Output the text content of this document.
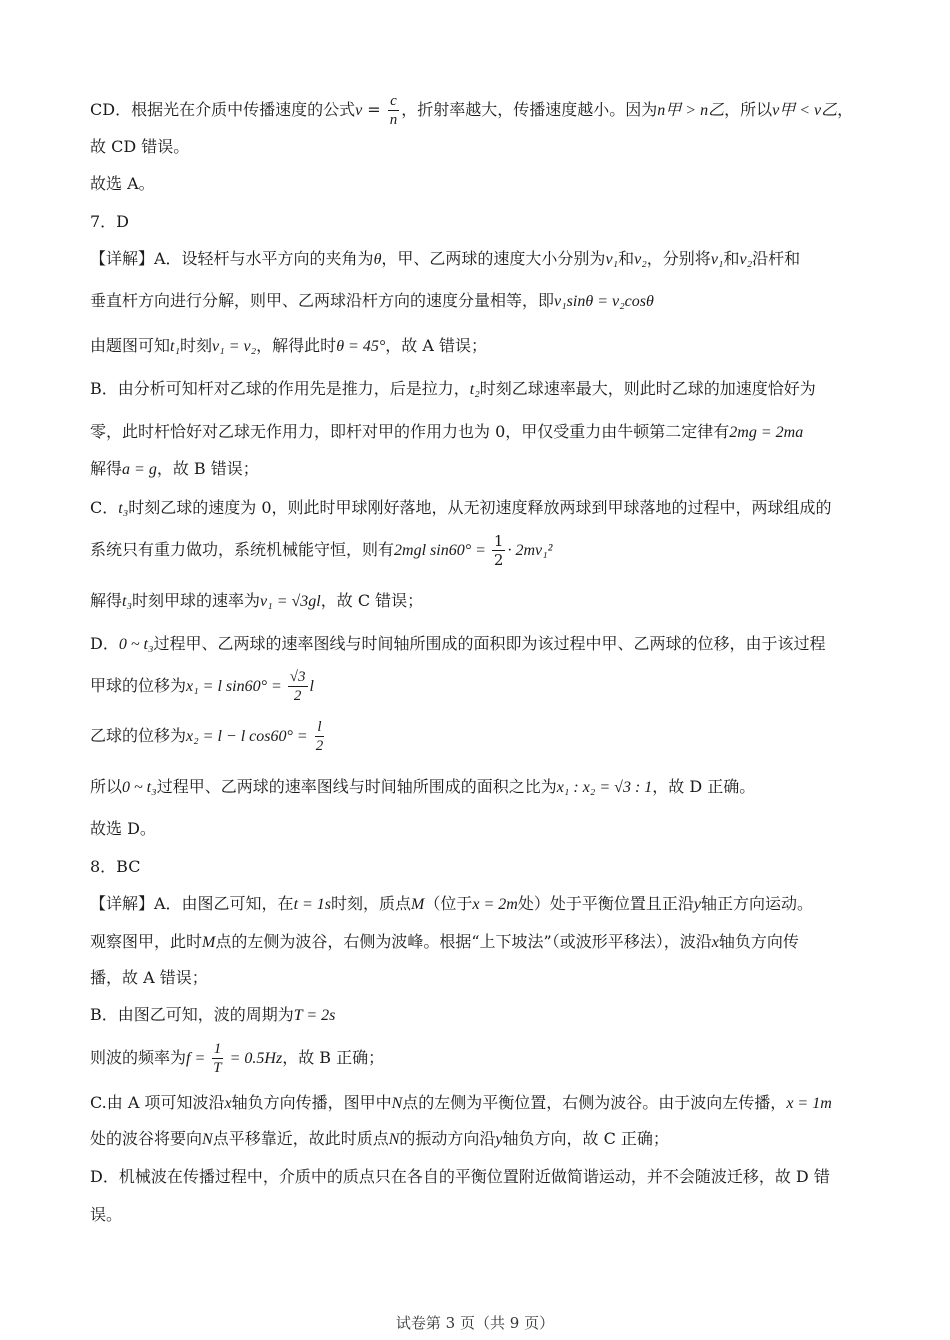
CD．根据光在介质中传播速度的公式$v = \frac{c}{n}$ ，折射率越大，传播速度越小。因为n甲 > n乙，所以v甲 < v乙，
故 CD 错误。
故选 A。
7．D
【详解】A．设轻杆与水平方向的夹角为θ，甲、乙两球的速度大小分别为v₁和v₂，分别将v₁和v₂沿杆和
垂直杆方向进行分解，则甲、乙两球沿杆方向的速度分量相等，即v₁sinθ = v₂cosθ
由题图可知t₁时刻v₁ = v₂，解得此时θ = 45°，故 A 错误；
B．由分析可知杆对乙球的作用先是推力，后是拉力，t₂时刻乙球速率最大，则此时乙球的加速度恰好为
零，此时杆恰好对乙球无作用力，即杆对甲的作用力也为 0，甲仅受重力由牛顿第二定律有2mg = 2ma
解得a = g，故 B 错误；
C．t₃时刻乙球的速度为 0，则此时甲球刚好落地，从无初速度释放两球到甲球落地的过程中，两球组成的
系统只有重力做功，系统机械能守恒，则有2mgl $\sin 60^\circ = \frac{1}{2} \cdot 2mv_1^2$
解得t₃时刻甲球的速率为v₁ = √3gl，故 C 错误；
D．0 ~ t₃过程甲、乙两球的速率图线与时间轴所围成的面积即为该过程中甲、乙两球的位移，由于该过程
甲球的位移为x₁ = l $\sin 60^\circ = \frac{√3}{2}$ l
乙球的位移为x₂ = l − l $\cos 60^\circ = \frac{l}{2}$
所以0 ~ t₃过程甲、乙两球的速率图线与时间轴所围成的面积之比为x₁ : x₂ = √3 : 1，故 D 正确。
故选 D。
8．BC
【详解】A．由图乙可知，在t = 1s时刻，质点M（位于x = 2m处）处于平衡位置且正沿y轴正方向运动。
观察图甲，此时M点的左侧为波谷，右侧为波峰。根据“上下坡法”（或波形平移法），波沿x轴负方向传
播，故 A 错误；
B．由图乙可知，波的周期为T = 2s
则波的频率为$f = \frac{1}{T} = 0.5Hz$，故 B 正确；
C.由 A 项可知波沿x轴负方向传播，图甲中N点的左侧为平衡位置，右侧为波谷。由于波向左传播，x = 1m
处的波谷将要向N点平移靠近，故此时质点N的振动方向沿y轴负方向，故 C 正确；
D．机械波在传播过程中，介质中的质点只在各自的平衡位置附近做简谐运动，并不会随波迁移，故 D 错
误。
试卷第 3 页（共 9 页）
